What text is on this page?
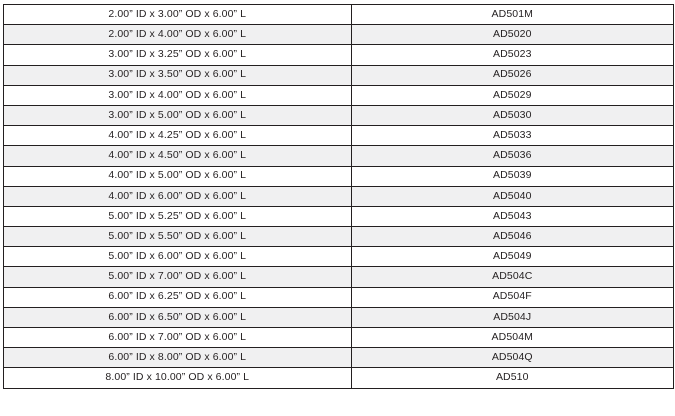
2.00” ID x 3.00” OD x 6.00” L	AD501M
2.00” ID x 4.00” OD x 6.00” L	AD5020
3.00” ID x 3.25” OD x 6.00” L	AD5023
3.00” ID x 3.50” OD x 6.00” L	AD5026
3.00” ID x 4.00” OD x 6.00” L	AD5029
3.00” ID x 5.00” OD x 6.00” L	AD5030
4.00” ID x 4.25” OD x 6.00” L	AD5033
4.00” ID x 4.50” OD x 6.00” L	AD5036
4.00” ID x 5.00” OD x 6.00” L	AD5039
4.00” ID x 6.00” OD x 6.00” L	AD5040
5.00” ID x 5.25” OD x 6.00” L	AD5043
5.00” ID x 5.50” OD x 6.00” L	AD5046
5.00” ID x 6.00” OD x 6.00” L	AD5049
5.00” ID x 7.00” OD x 6.00” L	AD504C
6.00” ID x 6.25” OD x 6.00” L	AD504F
6.00” ID x 6.50” OD x 6.00” L	AD504J
6.00” ID x 7.00” OD x 6.00” L	AD504M
6.00” ID x 8.00” OD x 6.00” L	AD504Q
8.00” ID x 10.00” OD x 6.00” L	AD510
